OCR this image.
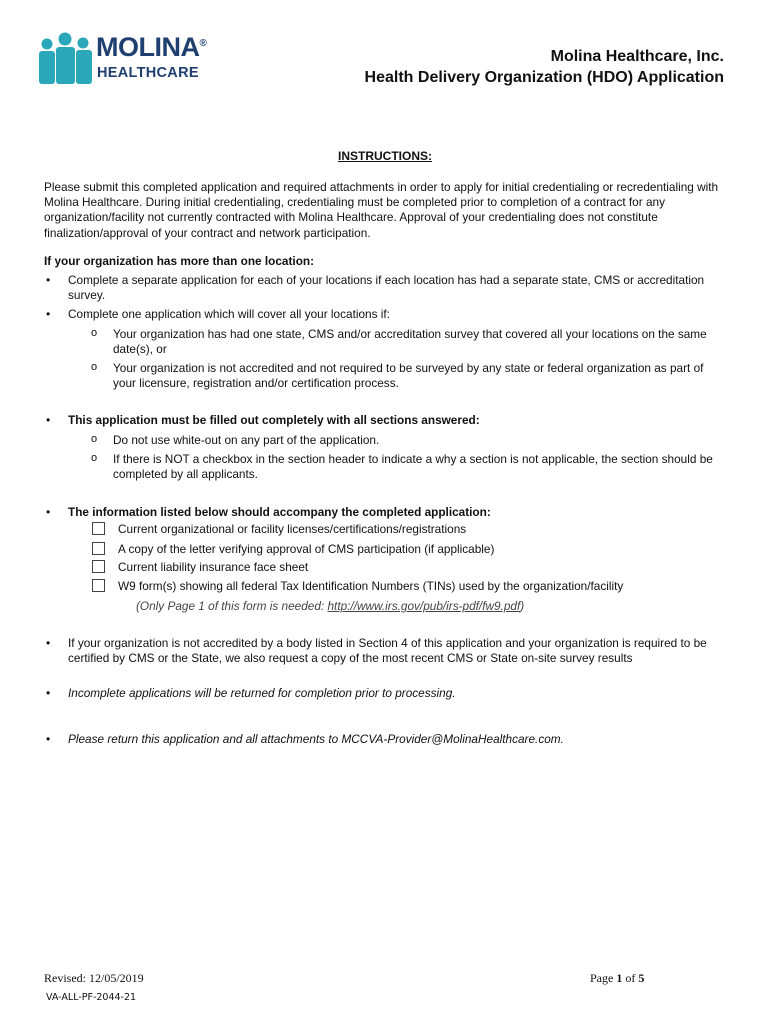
MOLINA®
HEALTHCARE
Molina Healthcare, Inc.
Health Delivery Organization (HDO) Application
INSTRUCTIONS:
Please submit this completed application and required attachments in order to apply for initial credentialing or recredentialing with Molina Healthcare. During initial credentialing, credentialing must be completed prior to completion of a contract for any organization/facility not currently contracted with Molina Healthcare. Approval of your credentialing does not constitute finalization/approval of your contract and network participation.
If your organization has more than one location:
• Complete a separate application for each of your locations if each location has had a separate state, CMS or accreditation survey.
• Complete one application which will cover all your locations if:
o Your organization has had one state, CMS and/or accreditation survey that covered all your locations on the same date(s), or
o Your organization is not accredited and not required to be surveyed by any state or federal organization as part of your licensure, registration and/or certification process.
• This application must be filled out completely with all sections answered:
o Do not use white-out on any part of the application.
o If there is NOT a checkbox in the section header to indicate a why a section is not applicable, the section should be completed by all applicants.
• The information listed below should accompany the completed application:
Current organizational or facility licenses/certifications/registrations
A copy of the letter verifying approval of CMS participation (if applicable)
Current liability insurance face sheet
W9 form(s) showing all federal Tax Identification Numbers (TINs) used by the organization/facility
(Only Page 1 of this form is needed: http://www.irs.gov/pub/irs-pdf/fw9.pdf)
• If your organization is not accredited by a body listed in Section 4 of this application and your organization is required to be certified by CMS or the State, we also request a copy of the most recent CMS or State on-site survey results
• Incomplete applications will be returned for completion prior to processing.
• Please return this application and all attachments to MCCVA-Provider@MolinaHealthcare.com.
Revised: 12/05/2019	Page 1 of 5
VA-ALL-PF-2044-21
